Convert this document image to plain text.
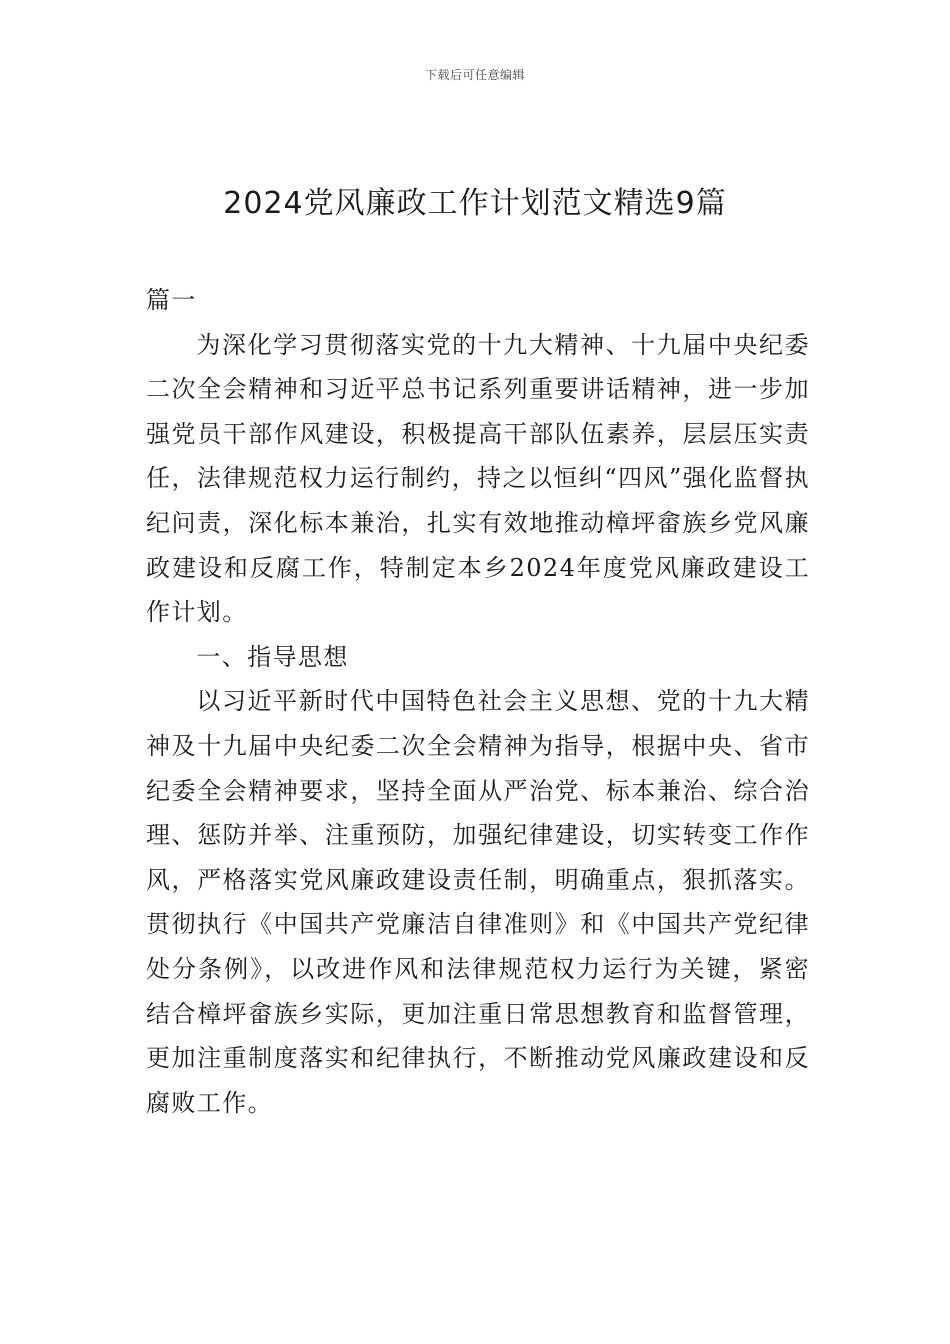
下载后可任意编辑
2024党风廉政工作计划范文精选9篇

篇一

为深化学习贯彻落实党的十九大精神、十九届中央纪委二次全会精神和习近平总书记系列重要讲话精神，进一步加强党员干部作风建设，积极提高干部队伍素养，层层压实责任，法律规范权力运行制约，持之以恒纠“四风”强化监督执纪问责，深化标本兼治，扎实有效地推动樟坪畲族乡党风廉政建设和反腐工作，特制定本乡2024年度党风廉政建设工作计划。

一、指导思想

以习近平新时代中国特色社会主义思想、党的十九大精神及十九届中央纪委二次全会精神为指导，根据中央、省市纪委全会精神要求，坚持全面从严治党、标本兼治、综合治理、惩防并举、注重预防，加强纪律建设，切实转变工作作风，严格落实党风廉政建设责任制，明确重点，狠抓落实。贯彻执行《中国共产党廉洁自律准则》和《中国共产党纪律处分条例》，以改进作风和法律规范权力运行为关键，紧密结合樟坪畲族乡实际，更加注重日常思想教育和监督管理，更加注重制度落实和纪律执行，不断推动党风廉政建设和反腐败工作。
